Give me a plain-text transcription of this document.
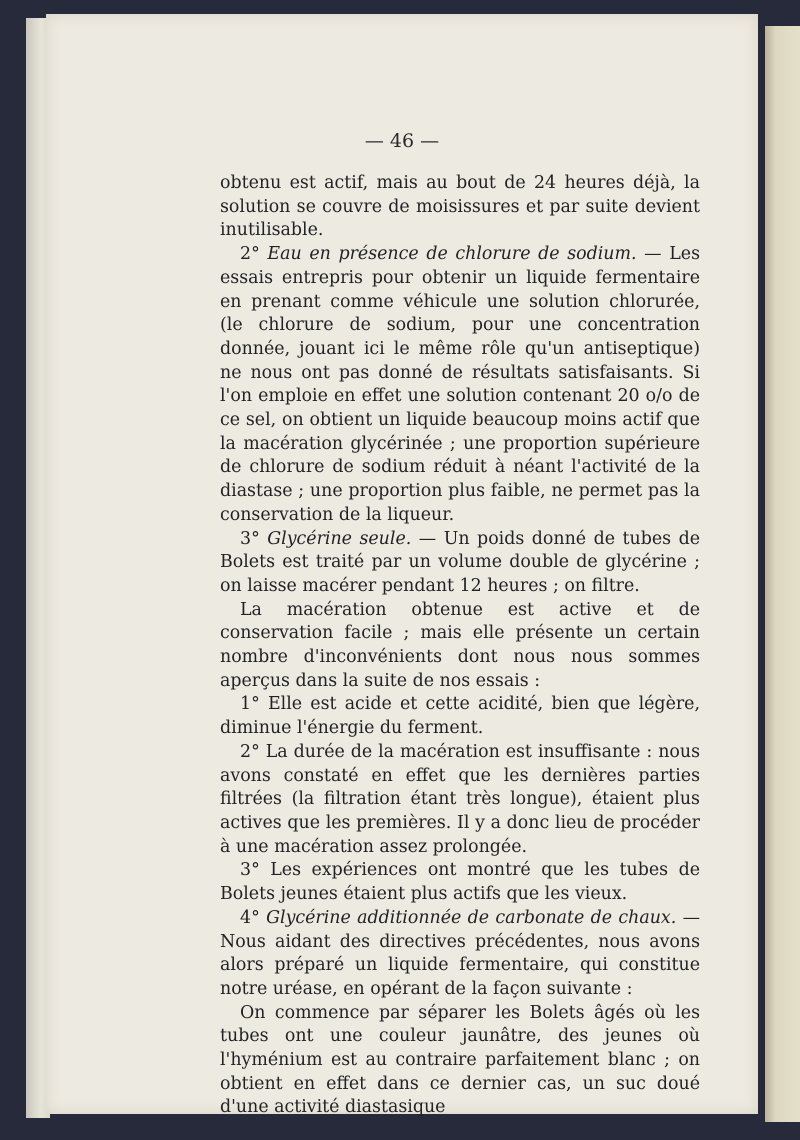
— 46 —

obtenu est actif, mais au bout de 24 heures déjà, la solution se couvre de moisissures et par suite devient inutilisable.

2° Eau en présence de chlorure de sodium. — Les essais entrepris pour obtenir un liquide fermentaire en prenant comme véhicule une solution chlorurée, (le chlorure de sodium, pour une concentration donnée, jouant ici le même rôle qu'un antiseptique) ne nous ont pas donné de résultats satisfaisants. Si l'on emploie en effet une solution contenant 20 o/o de ce sel, on obtient un liquide beaucoup moins actif que la macération glycérinée ; une proportion supérieure de chlorure de sodium réduit à néant l'activité de la diastase ; une proportion plus faible, ne permet pas la conservation de la liqueur.

3° Glycérine seule. — Un poids donné de tubes de Bolets est traité par un volume double de glycérine ; on laisse macérer pendant 12 heures ; on filtre.

La macération obtenue est active et de conservation facile ; mais elle présente un certain nombre d'inconvénients dont nous nous sommes aperçus dans la suite de nos essais :

1° Elle est acide et cette acidité, bien que légère, diminue l'énergie du ferment.

2° La durée de la macération est insuffisante : nous avons constaté en effet que les dernières parties filtrées (la filtration étant très longue), étaient plus actives que les premières. Il y a donc lieu de procéder à une macération assez prolongée.

3° Les expériences ont montré que les tubes de Bolets jeunes étaient plus actifs que les vieux.

4° Glycérine additionnée de carbonate de chaux. — Nous aidant des directives précédentes, nous avons alors préparé un liquide fermentaire, qui constitue notre uréase, en opérant de la façon suivante :

On commence par séparer les Bolets âgés où les tubes ont une couleur jaunâtre, des jeunes où l'hyménium est au contraire parfaitement blanc ; on obtient en effet dans ce dernier cas, un suc doué d'une activité diastasique
